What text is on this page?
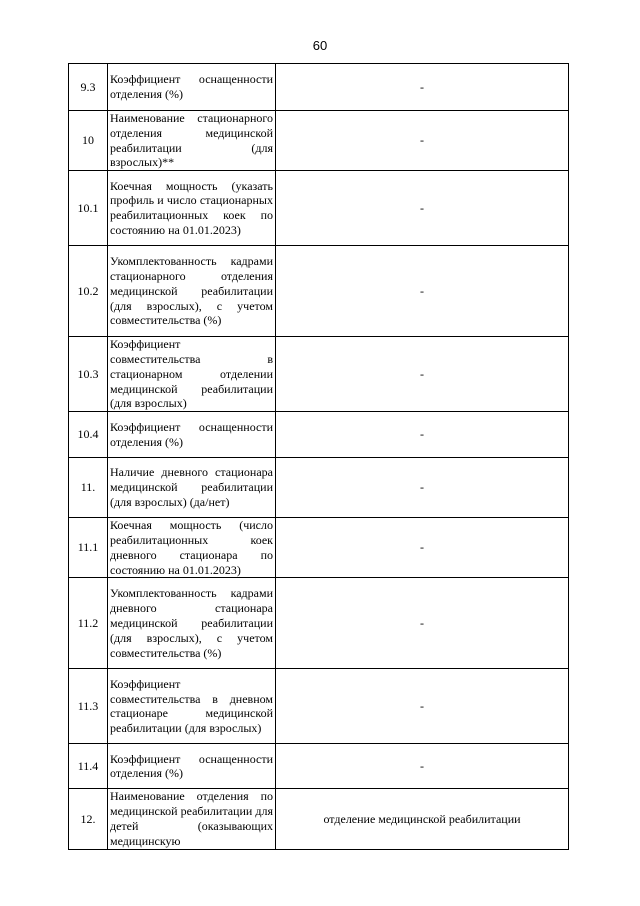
60
9.3	Коэффициент оснащенности отделения (%)	-
10	Наименование стационарного отделения медицинской реабилитации (для взрослых)**	-
10.1	Коечная мощность (указать профиль и число стационарных реабилитационных коек по состоянию на 01.01.2023)	-
10.2	Укомплектованность кадрами стационарного отделения медицинской реабилитации (для взрослых), с учетом совместительства (%)	-
10.3	Коэффициент совместительства в стационарном отделении медицинской реабилитации (для взрослых)	-
10.4	Коэффициент оснащенности отделения (%)	-
11.	Наличие дневного стационара медицинской реабилитации (для взрослых) (да/нет)	-
11.1	Коечная мощность (число реабилитационных коек дневного стационара по состоянию на 01.01.2023)	-
11.2	Укомплектованность кадрами дневного стационара медицинской реабилитации (для взрослых), с учетом совместительства (%)	-
11.3	Коэффициент совместительства в дневном стационаре медицинской реабилитации (для взрослых)	-
11.4	Коэффициент оснащенности отделения (%)	-
12.	Наименование отделения по медицинской реабилитации для детей (оказывающих медицинскую	отделение медицинской реабилитации
